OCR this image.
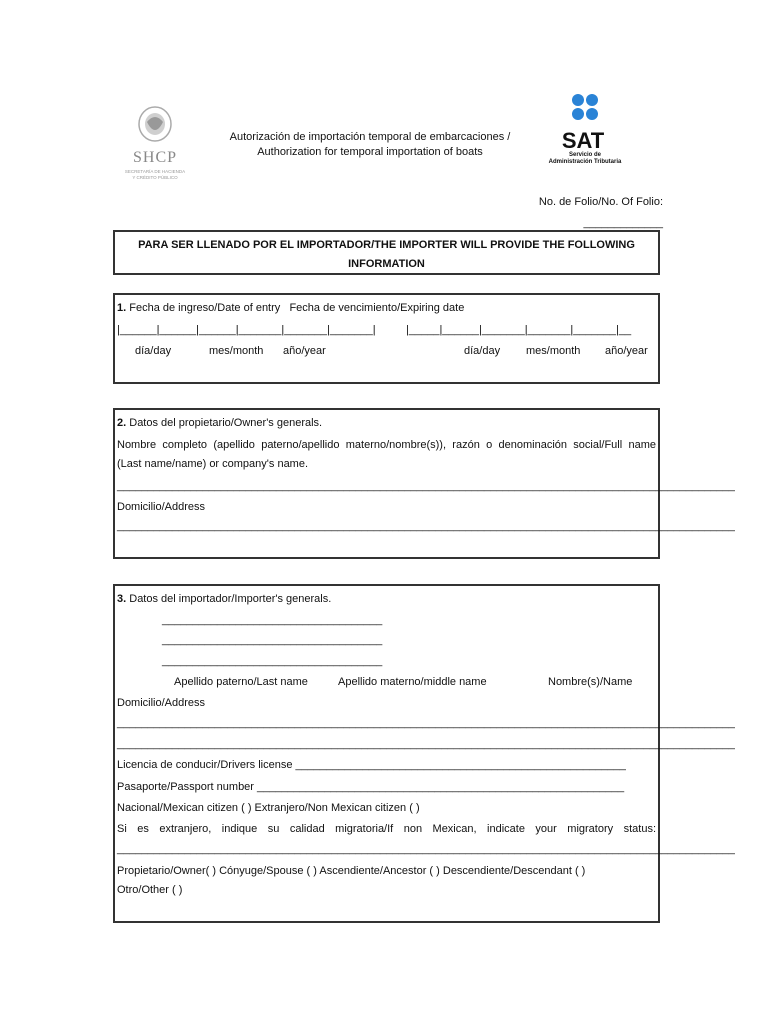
SHCP
SECRETARÍA DE HACIENDA
Y CRÉDITO PÚBLICO
SAT
Servicio de
Administración Tributaria
Autorización de importación temporal de embarcaciones /
Authorization for temporal importation of boats
No. de Folio/No. Of Folio:
_____________
PARA SER LLENADO POR EL IMPORTADOR/THE IMPORTER WILL PROVIDE THE FOLLOWING
INFORMATION
1. Fecha de ingreso/Date of entry Fecha de vencimiento/Expiring date
|______|______|______|_______|_______|_______|	|_____|______|_______|_______|_______|__
día/day	mes/month año/year	día/day mes/month año/year
2. Datos del propietario/Owner's generals.
Nombre completo (apellido paterno/apellido materno/nombre(s)), razón o denominación social/Full name
(Last name/name) or company's name.
_____________________________________________________________________________________________________
Domicilio/Address
_____________________________________________________________________________________________________
3. Datos del importador/Importer's generals.
____________________________________
____________________________________
____________________________________
Apellido paterno/Last name	Apellido materno/middle name	Nombre(s)/Name
Domicilio/Address
_____________________________________________________________________________________________________
_____________________________________________________________________________________________________
Licencia de conducir/Drivers license ______________________________________________________
Pasaporte/Passport number ____________________________________________________________
Nacional/Mexican citizen ( ) Extranjero/Non Mexican citizen ( )
Si es extranjero, indique su calidad migratoria/If non Mexican, indicate your migratory status:
_____________________________________________________________________________________________________
Propietario/Owner( ) Cónyuge/Spouse ( ) Ascendiente/Ancestor ( ) Descendiente/Descendant ( )
Otro/Other ( )
